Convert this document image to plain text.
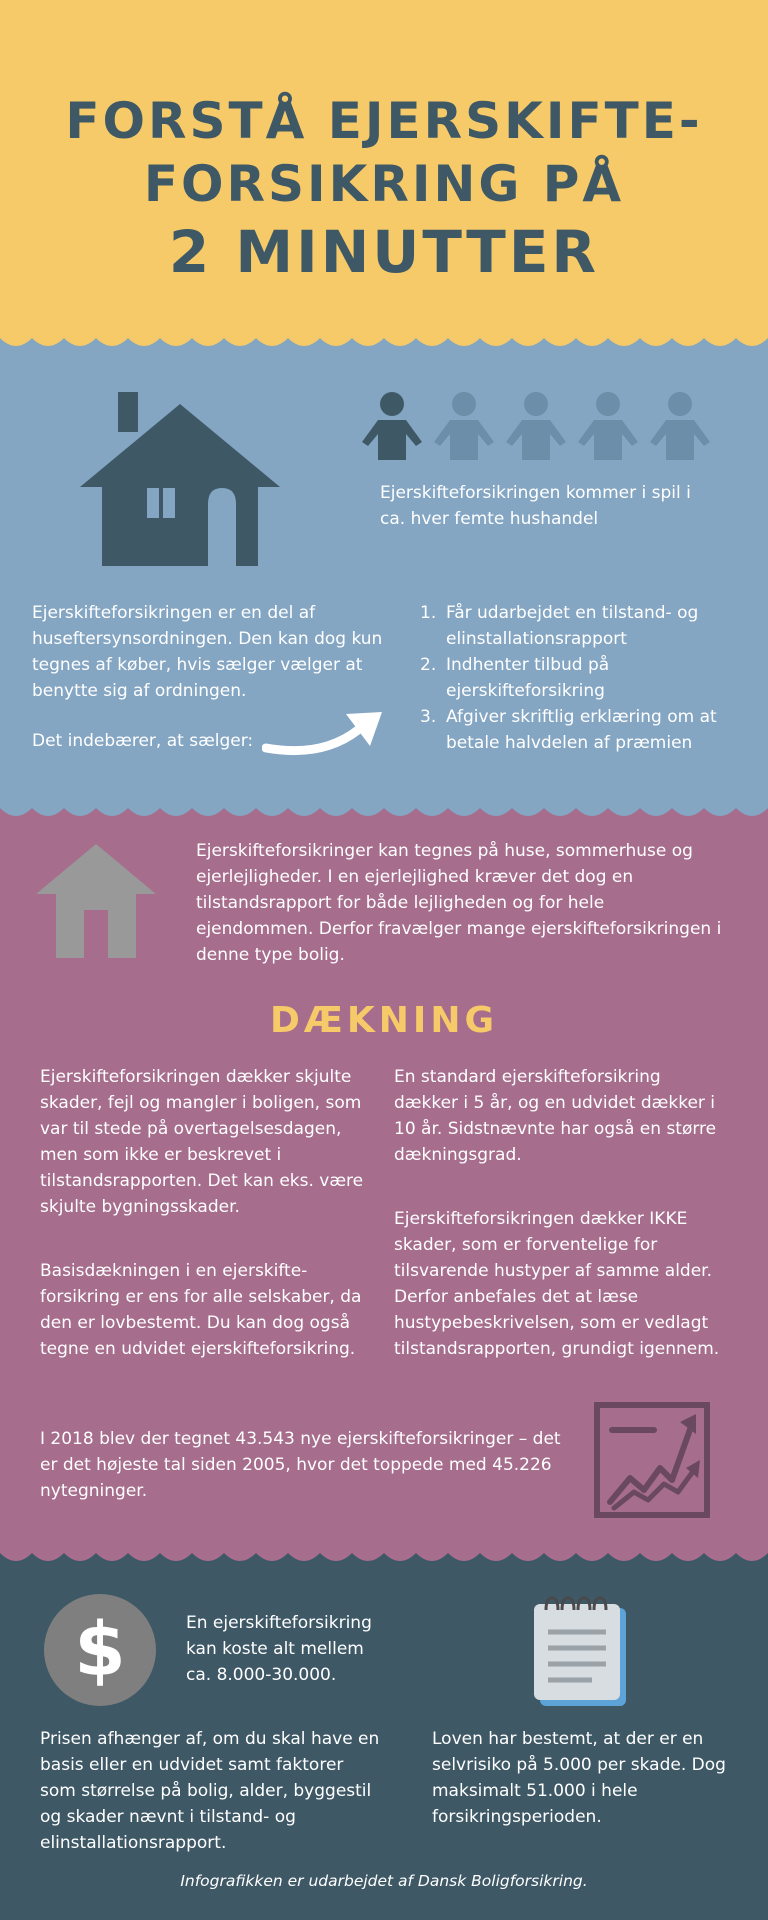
FORSTÅ EJERSKIFTE-
FORSIKRING PÅ
2 MINUTTER
Ejerskifteforsikringen kommer i spil i ca. hver femte hushandel
Ejerskifteforsikringen er en del af huseftersynsordningen. Den kan dog kun tegnes af køber, hvis sælger vælger at benytte sig af ordningen.
Det indebærer, at sælger:
1. Får udarbejdet en tilstand- og elinstallationsrapport
2. Indhenter tilbud på ejerskifteforsikring
3. Afgiver skriftlig erklæring om at betale halvdelen af præmien
Ejerskifteforsikringer kan tegnes på huse, sommerhuse og ejerlejligheder. I en ejerlejlighed kræver det dog en tilstandsrapport for både lejligheden og for hele ejendommen. Derfor fravælger mange ejerskifteforsikringen i denne type bolig.
DÆKNING
Ejerskifteforsikringen dækker skjulte skader, fejl og mangler i boligen, som var til stede på overtagelsesdagen, men som ikke er beskrevet i tilstandsrapporten. Det kan eks. være skjulte bygningsskader.
Basisdækningen i en ejerskifte-forsikring er ens for alle selskaber, da den er lovbestemt. Du kan dog også tegne en udvidet ejerskifteforsikring.
En standard ejerskifteforsikring dækker i 5 år, og en udvidet dækker i 10 år. Sidstnævnte har også en større dækningsgrad.
Ejerskifteforsikringen dækker IKKE skader, som er forventelige for tilsvarende hustyper af samme alder. Derfor anbefales det at læse hustypebeskrivelsen, som er vedlagt tilstandsrapporten, grundigt igennem.
I 2018 blev der tegnet 43.543 nye ejerskifteforsikringer – det er det højeste tal siden 2005, hvor det toppede med 45.226 nytegninger.
$	En ejerskifteforsikring kan koste alt mellem ca. 8.000-30.000.
Prisen afhænger af, om du skal have en basis eller en udvidet samt faktorer som størrelse på bolig, alder, byggestil og skader nævnt i tilstand- og elinstallationsrapport.
Loven har bestemt, at der er en selvrisiko på 5.000 per skade. Dog maksimalt 51.000 i hele forsikringsperioden.
Infografikken er udarbejdet af Dansk Boligforsikring.
